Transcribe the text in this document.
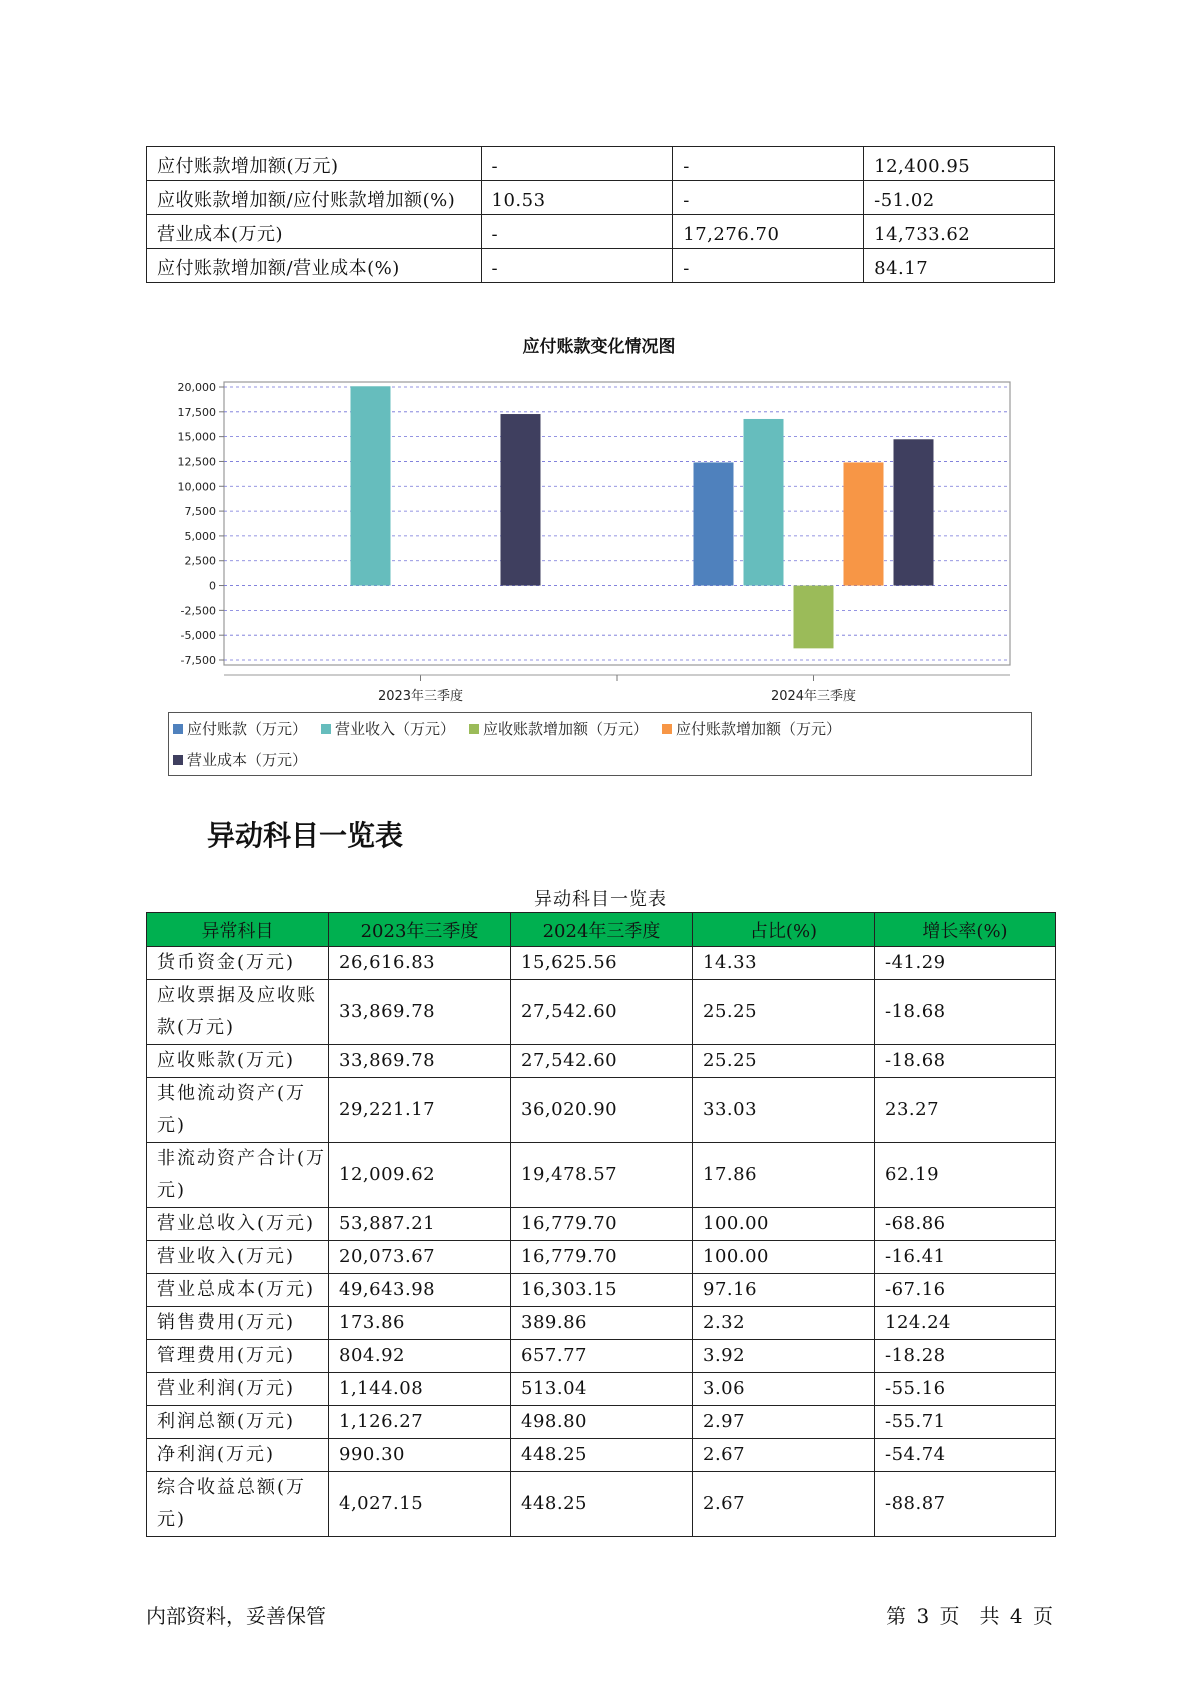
应付账款增加额(万元)	-	-	12,400.95
应收账款增加额/应付账款增加额(%)	10.53	-	-51.02
营业成本(万元)	-	17,276.70	14,733.62
应付账款增加额/营业成本(%)	-	-	84.17
应付账款变化情况图
20,000
17,500
15,000
12,500
10,000
7,500
5,000
2,500
0
-2,500
-5,000
-7,500
2023年三季度	2024年三季度
应付账款（万元） 营业收入（万元） 应收账款增加额（万元） 应付账款增加额（万元）
营业成本（万元）
异动科目一览表
异动科目一览表
异常科目	2023年三季度	2024年三季度	占比(%)	增长率(%)
货币资金(万元)	26,616.83	15,625.56	14.33	-41.29
应收票据及应收账款(万元)	33,869.78	27,542.60	25.25	-18.68
应收账款(万元)	33,869.78	27,542.60	25.25	-18.68
其他流动资产(万元)	29,221.17	36,020.90	33.03	23.27
非流动资产合计(万元)	12,009.62	19,478.57	17.86	62.19
营业总收入(万元)	53,887.21	16,779.70	100.00	-68.86
营业收入(万元)	20,073.67	16,779.70	100.00	-16.41
营业总成本(万元)	49,643.98	16,303.15	97.16	-67.16
销售费用(万元)	173.86	389.86	2.32	124.24
管理费用(万元)	804.92	657.77	3.92	-18.28
营业利润(万元)	1,144.08	513.04	3.06	-55.16
利润总额(万元)	1,126.27	498.80	2.97	-55.71
净利润(万元)	990.30	448.25	2.67	-54.74
综合收益总额(万元)	4,027.15	448.25	2.67	-88.87
内部资料，妥善保管	第 3 页　共 4 页
